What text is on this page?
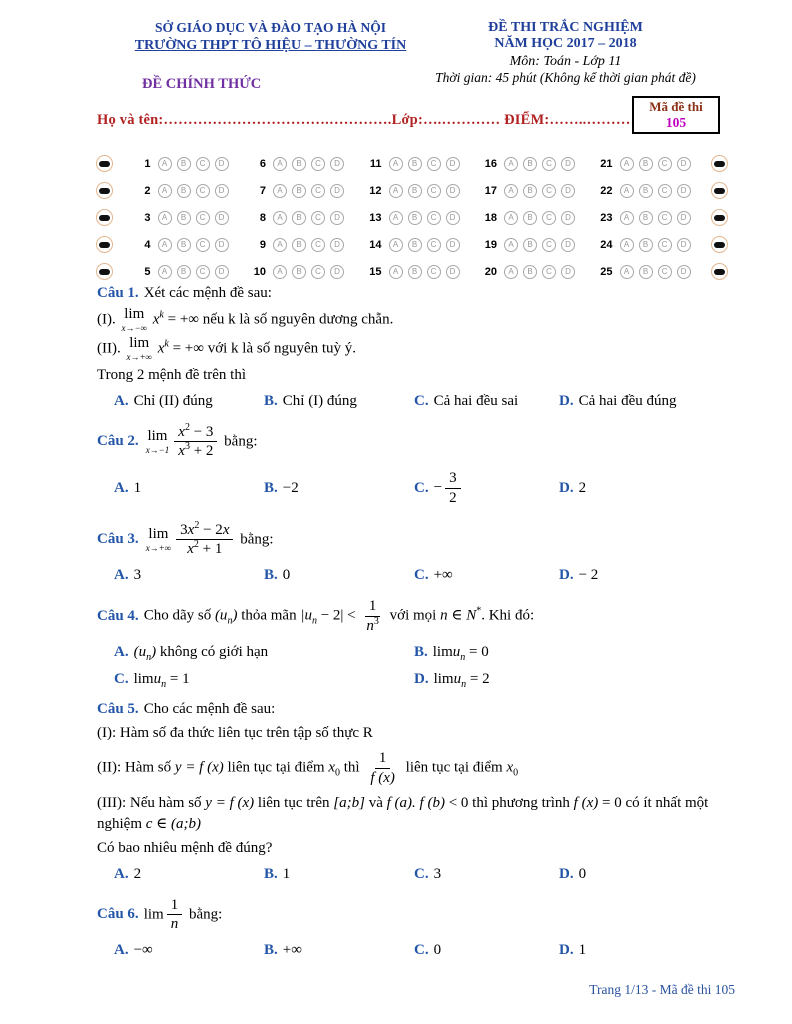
SỞ GIÁO DỤC VÀ ĐÀO TẠO HÀ NỘI
TRƯỜNG THPT TÔ HIỆU – THƯỜNG TÍN
ĐỀ CHÍNH THỨC
ĐỀ THI TRẮC NGHIỆM
NĂM HỌC 2017 – 2018
Môn: Toán - Lớp 11
Thời gian: 45 phút (Không kể thời gian phát đề)
Mã đề thi
105
Họ và tên:…………………………….………….Lớp:….………… ĐIỂM:……..………
1	A	B	C	D	6	A	B	C	D	11	A	B	C	D	16	A	B	C	D	21	A	B	C	D
2	A	B	C	D	7	A	B	C	D	12	A	B	C	D	17	A	B	C	D	22	A	B	C	D
3	A	B	C	D	8	A	B	C	D	13	A	B	C	D	18	A	B	C	D	23	A	B	C	D
4	A	B	C	D	9	A	B	C	D	14	A	B	C	D	19	A	B	C	D	24	A	B	C	D
5	A	B	C	D	10	A	B	C	D	15	A	B	C	D	20	A	B	C	D	25	A	B	C	D
Câu 1. Xét các mệnh đề sau:
(I). lim
x→−∞
$x^k$ = +∞ nếu k là số nguyên dương chẵn.
(II). lim
x→+∞
$x^k$ = +∞ với k là số nguyên tuỳ ý.
Trong 2 mệnh đề trên thì
A. Chỉ (II) đúng	B. Chỉ (I) đúng	C. Cả hai đều sai	D. Cả hai đều đúng
Câu 2. lim
$x\to-1 \frac{x^2 - 3}{x^3 + 2}$ bằng:
A. 1	B. −2	C. − $\frac{3}{2}$	D. 2
Câu 3. lim
$x\to+\infty \frac{3x^2 - 2x}{x^2 + 1}$ bằng:
A. 3	B. 0	C. +∞	D. − 2
Câu 4. Cho dãy số $(u_n)$ thỏa mãn $|u_n - 2| < \frac{1}{n^3}$ với mọi n ∈ N*. Khi đó:
A. $(u_n)$ không có giới hạn	B. limu$_n$ = 0
C. limu$_n$ = 1	D. limu$_n$ = 2
Câu 5. Cho các mệnh đề sau:
(I): Hàm số đa thức liên tục trên tập số thực R
(II): Hàm số y = f (x) liên tục tại điểm $x_0$ thì $\frac{1}{f (x)}$ liên tục tại điểm $x_0$
(III): Nếu hàm số y = f (x) liên tục trên [a;b] và f (a). f (b) < 0 thì phương trình f (x) = 0 có ít nhất một nghiệm c ∈ (a;b)
Có bao nhiêu mệnh đề đúng?
A. 2	B. 1	C. 3	D. 0
Câu 6. $\lim \frac{1}{n}$ bằng:
A. −∞	B. +∞	C. 0	D. 1
Trang 1/13 - Mã đề thi 105
